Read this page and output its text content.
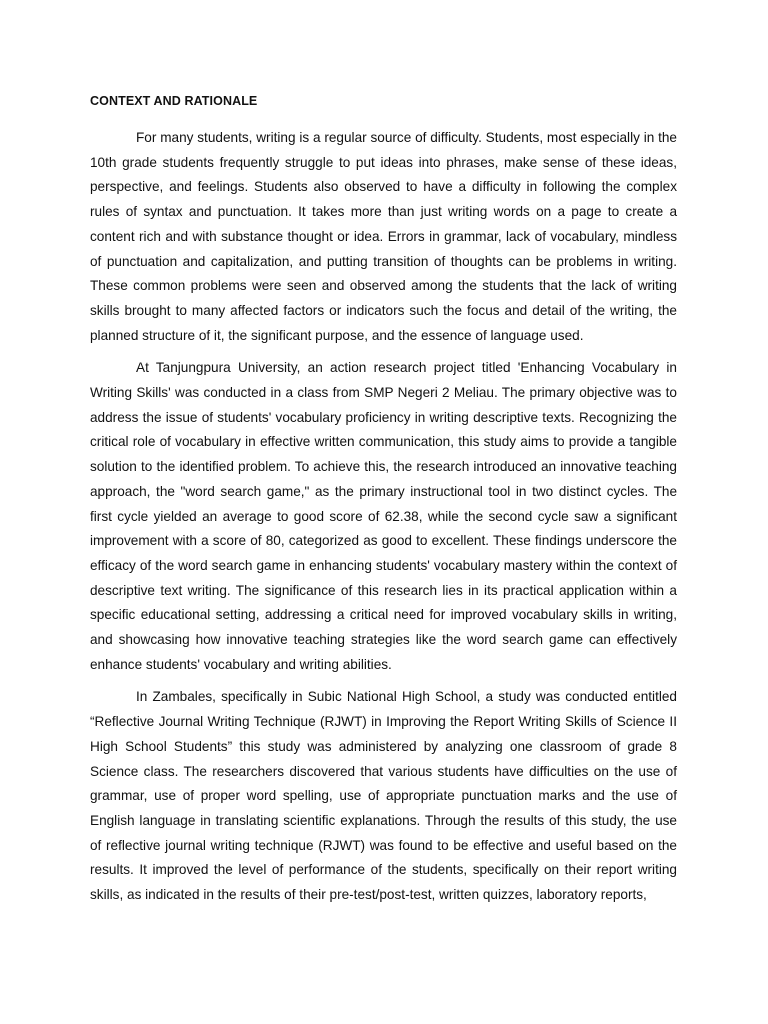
CONTEXT AND RATIONALE

For many students, writing is a regular source of difficulty. Students, most especially in the 10th grade students frequently struggle to put ideas into phrases, make sense of these ideas, perspective, and feelings. Students also observed to have a difficulty in following the complex rules of syntax and punctuation. It takes more than just writing words on a page to create a content rich and with substance thought or idea. Errors in grammar, lack of vocabulary, mindless of punctuation and capitalization, and putting transition of thoughts can be problems in writing. These common problems were seen and observed among the students that the lack of writing skills brought to many affected factors or indicators such the focus and detail of the writing, the planned structure of it, the significant purpose, and the essence of language used.

At Tanjungpura University, an action research project titled 'Enhancing Vocabulary in Writing Skills' was conducted in a class from SMP Negeri 2 Meliau. The primary objective was to address the issue of students' vocabulary proficiency in writing descriptive texts. Recognizing the critical role of vocabulary in effective written communication, this study aims to provide a tangible solution to the identified problem. To achieve this, the research introduced an innovative teaching approach, the "word search game," as the primary instructional tool in two distinct cycles. The first cycle yielded an average to good score of 62.38, while the second cycle saw a significant improvement with a score of 80, categorized as good to excellent. These findings underscore the efficacy of the word search game in enhancing students' vocabulary mastery within the context of descriptive text writing. The significance of this research lies in its practical application within a specific educational setting, addressing a critical need for improved vocabulary skills in writing, and showcasing how innovative teaching strategies like the word search game can effectively enhance students' vocabulary and writing abilities.

In Zambales, specifically in Subic National High School, a study was conducted entitled “Reflective Journal Writing Technique (RJWT) in Improving the Report Writing Skills of Science II High School Students” this study was administered by analyzing one classroom of grade 8 Science class. The researchers discovered that various students have difficulties on the use of grammar, use of proper word spelling, use of appropriate punctuation marks and the use of English language in translating scientific explanations. Through the results of this study, the use of reflective journal writing technique (RJWT) was found to be effective and useful based on the results. It improved the level of performance of the students, specifically on their report writing skills, as indicated in the results of their pre-test/post-test, written quizzes, laboratory reports,
